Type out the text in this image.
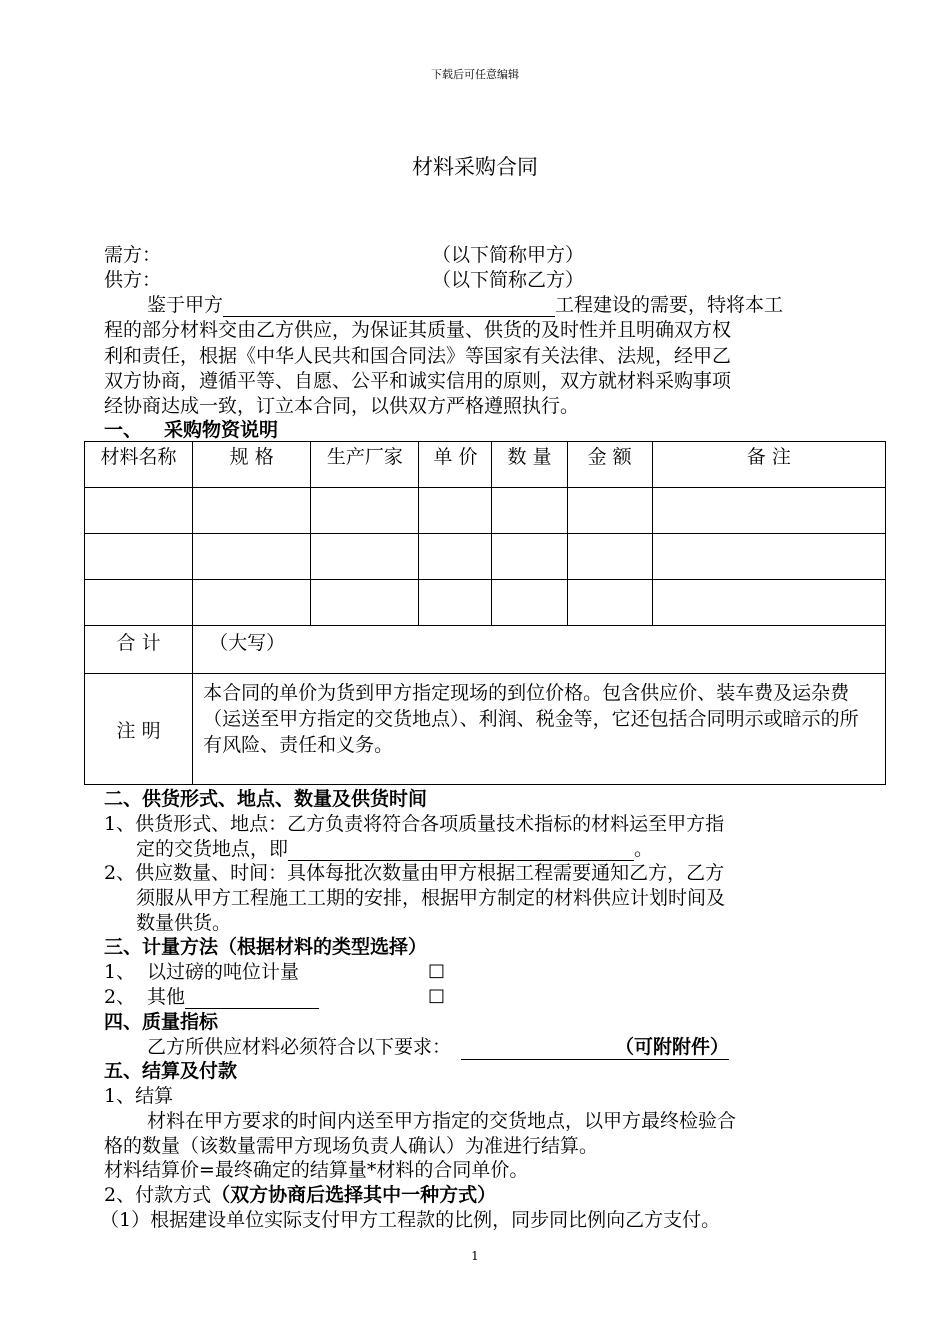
下载后可任意编辑
材料采购合同
需方：	（以下简称甲方）
供方：	（以下简称乙方）
鉴于甲方	工程建设的需要，特将本工
程的部分材料交由乙方供应，为保证其质量、供货的及时性并且明确双方权
利和责任，根据《中华人民共和国合同法》等国家有关法律、法规，经甲乙
双方协商，遵循平等、自愿、公平和诚实信用的原则，双方就材料采购事项
经协商达成一致，订立本合同，以供双方严格遵照执行。
一、 采购物资说明
材料名称	规 格	生产厂家	单 价	数 量	金 额	备 注

合 计	（大写）					
注 明	本合同的单价为货到甲方指定现场的到位价格。包含供应价、装车费及运杂费（运送至甲方指定的交货地点）、利润、税金等，它还包括合同明示或暗示的所有风险、责任和义务。					
二、供货形式、地点、数量及供货时间
1、供货形式、地点：乙方负责将符合各项质量技术指标的材料运至甲方指
定的交货地点，即	。
2、供应数量、时间：具体每批次数量由甲方根据工程需要通知乙方，乙方
须服从甲方工程施工工期的安排，根据甲方制定的材料供应计划时间及
数量供货。
三、计量方法（根据材料的类型选择）
1、 以过磅的吨位计量	□
2、 其他	□
四、质量指标
乙方所供应材料必须符合以下要求：	（可附附件）
五、结算及付款
1、结算
材料在甲方要求的时间内送至甲方指定的交货地点，以甲方最终检验合
格的数量（该数量需甲方现场负责人确认）为准进行结算。
材料结算价=最终确定的结算量*材料的合同单价。
2、付款方式（双方协商后选择其中一种方式）
（1）根据建设单位实际支付甲方工程款的比例，同步同比例向乙方支付。
1
